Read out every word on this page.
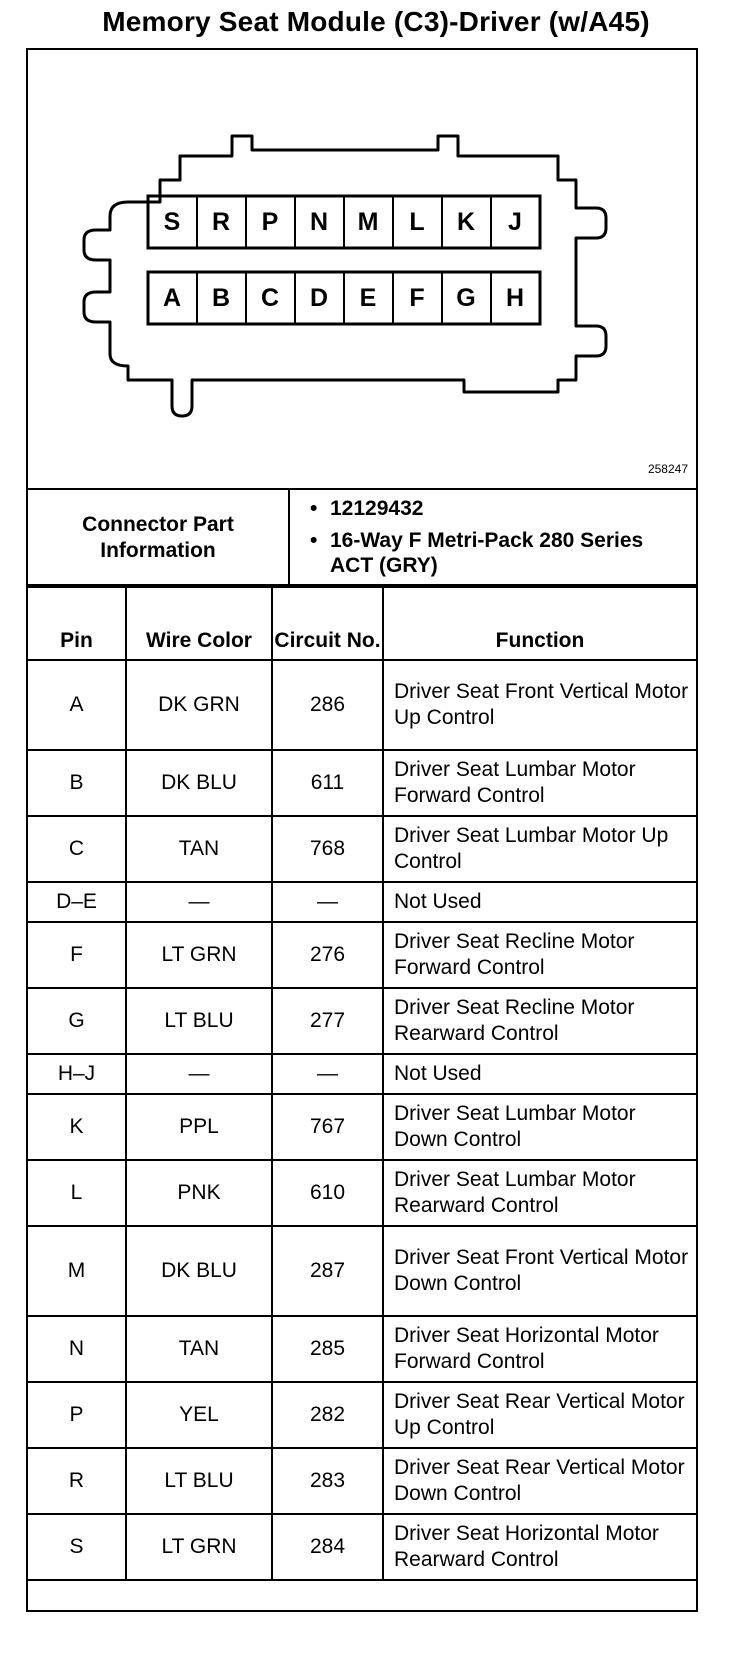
Memory Seat Module (C3)-Driver (w/A45)
S	R	P	N	M	L	K	J
A	B	C	D	E	F	G	H
258247
Connector Part Information
• 12129432
• 16-Way F Metri-Pack 280 Series ACT (GRY)
Pin	Wire Color	Circuit No.	Function
A	DK GRN	286	Driver Seat Front Vertical Motor Up Control
B	DK BLU	611	Driver Seat Lumbar Motor Forward Control
C	TAN	768	Driver Seat Lumbar Motor Up Control
D–E	—	—	Not Used
F	LT GRN	276	Driver Seat Recline Motor Forward Control
G	LT BLU	277	Driver Seat Recline Motor Rearward Control
H–J	—	—	Not Used
K	PPL	767	Driver Seat Lumbar Motor Down Control
L	PNK	610	Driver Seat Lumbar Motor Rearward Control
M	DK BLU	287	Driver Seat Front Vertical Motor Down Control
N	TAN	285	Driver Seat Horizontal Motor Forward Control
P	YEL	282	Driver Seat Rear Vertical Motor Up Control
R	LT BLU	283	Driver Seat Rear Vertical Motor Down Control
S	LT GRN	284	Driver Seat Horizontal Motor Rearward Control
